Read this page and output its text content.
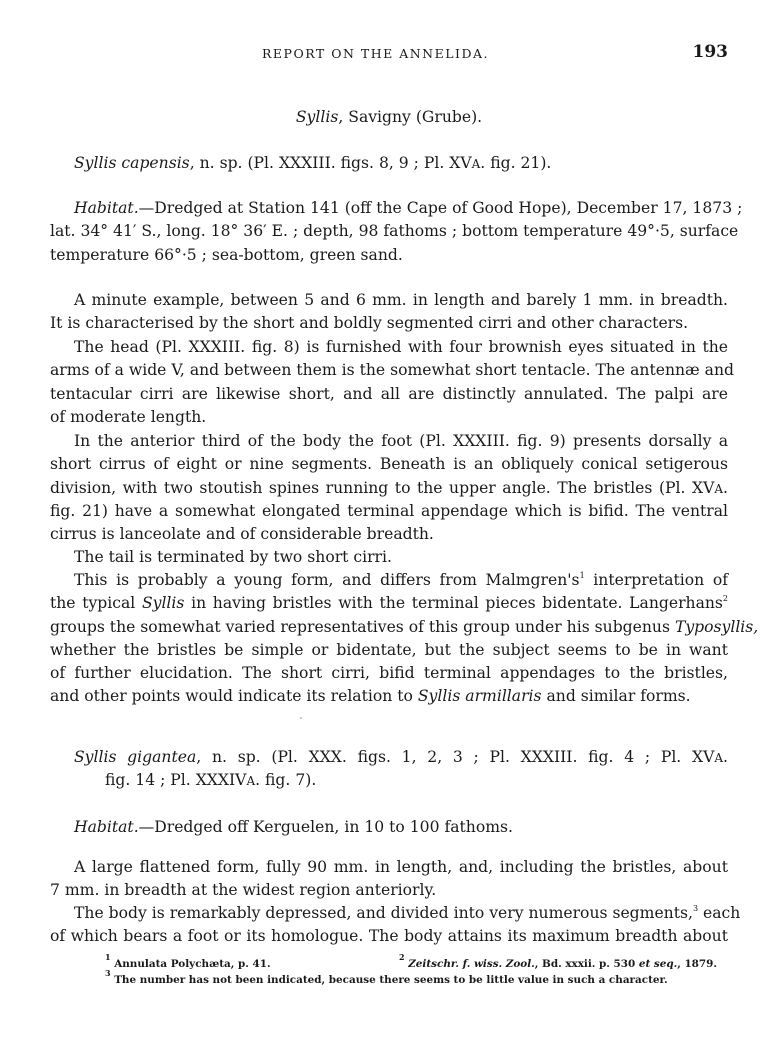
REPORT ON THE ANNELIDA.	193
Syllis, Savigny (Grube).
Syllis capensis, n. sp. (Pl. XXXIII. figs. 8, 9 ; Pl. XVA. fig. 21).
Habitat.—Dredged at Station 141 (off the Cape of Good Hope), December 17, 1873 ;
lat. 34° 41′ S., long. 18° 36′ E. ; depth, 98 fathoms ; bottom temperature 49°·5, surface
temperature 66°·5 ; sea-bottom, green sand.
A minute example, between 5 and 6 mm. in length and barely 1 mm. in breadth.
It is characterised by the short and boldly segmented cirri and other characters.
The head (Pl. XXXIII. fig. 8) is furnished with four brownish eyes situated in the
arms of a wide V, and between them is the somewhat short tentacle. The antennæ and
tentacular cirri are likewise short, and all are distinctly annulated. The palpi are
of moderate length.
In the anterior third of the body the foot (Pl. XXXIII. fig. 9) presents dorsally a
short cirrus of eight or nine segments. Beneath is an obliquely conical setigerous
division, with two stoutish spines running to the upper angle. The bristles (Pl. XVA.
fig. 21) have a somewhat elongated terminal appendage which is bifid. The ventral
cirrus is lanceolate and of considerable breadth.
The tail is terminated by two short cirri.
This is probably a young form, and differs from $Malmgren's^1$ interpretation of
the typical Syllis in having bristles with the terminal pieces bidentate. Langerhans$^2$
groups the somewhat varied representatives of this group under his subgenus Typosyllis,
whether the bristles be simple or bidentate, but the subject seems to be in want
of further elucidation. The short cirri, bifid terminal appendages to the bristles,
and other points would indicate its relation to Syllis armillaris and similar forms.
Syllis gigantea, n. sp. (Pl. XXX. figs. 1, 2, 3 ; Pl. XXXIII. fig. 4 ; Pl. XVA.
fig. 14 ; Pl. XXXIVA. fig. 7).
Habitat.—Dredged off Kerguelen, in 10 to 100 fathoms.
A large flattened form, fully 90 mm. in length, and, including the bristles, about
7 mm. in breadth at the widest region anteriorly.
The body is remarkably depressed, and divided into very numerous segments,$^3$ each
of which bears a foot or its homologue. The body attains its maximum breadth about
$^1$ Annulata Polychæta, p. 41.
$^2$ Zeitschr. f. wiss. Zool., Bd. xxxii. p. 530 et seq., 1879.
$^3$ The number has not been indicated, because there seems to be little value in such a character.
